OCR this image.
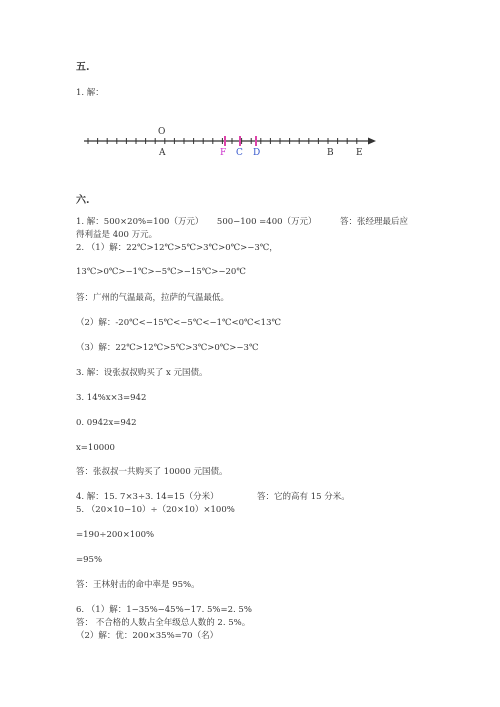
五.
1. 解：
O
A	F C D	B E
六.
1. 解：500×20%=100（万元）     500−100 =400（万元）	答：张经理最后应
得利益是 400 万元。
2. （1）解：22℃>12℃>5℃>3℃>0℃>−3℃，
13℃>0℃>−1℃>−5℃>−15℃>−20℃
答：广州的气温最高，拉萨的气温最低。
（2）解：-20℃<−15℃<−5℃<−1℃<0℃<13℃
（3）解：22℃>12℃>5℃>3℃>0℃>−3℃
3. 解：设张叔叔购买了 x 元国债。
3. 14%x×3=942
0. 0942x=942
x=10000
答：张叔叔一共购买了 10000 元国债。
4. 解：15. 7×3÷3. 14=15（分米）	答：它的高有 15 分米。
5. （20×10−10）÷（20×10）×100%
=190÷200×100%
=95%
答：王林射击的命中率是 95%。
6. （1）解：1−35%−45%−17. 5%=2. 5%
答： 不合格的人数占全年级总人数的 2. 5%。
（2）解：优：200×35%=70（名）
